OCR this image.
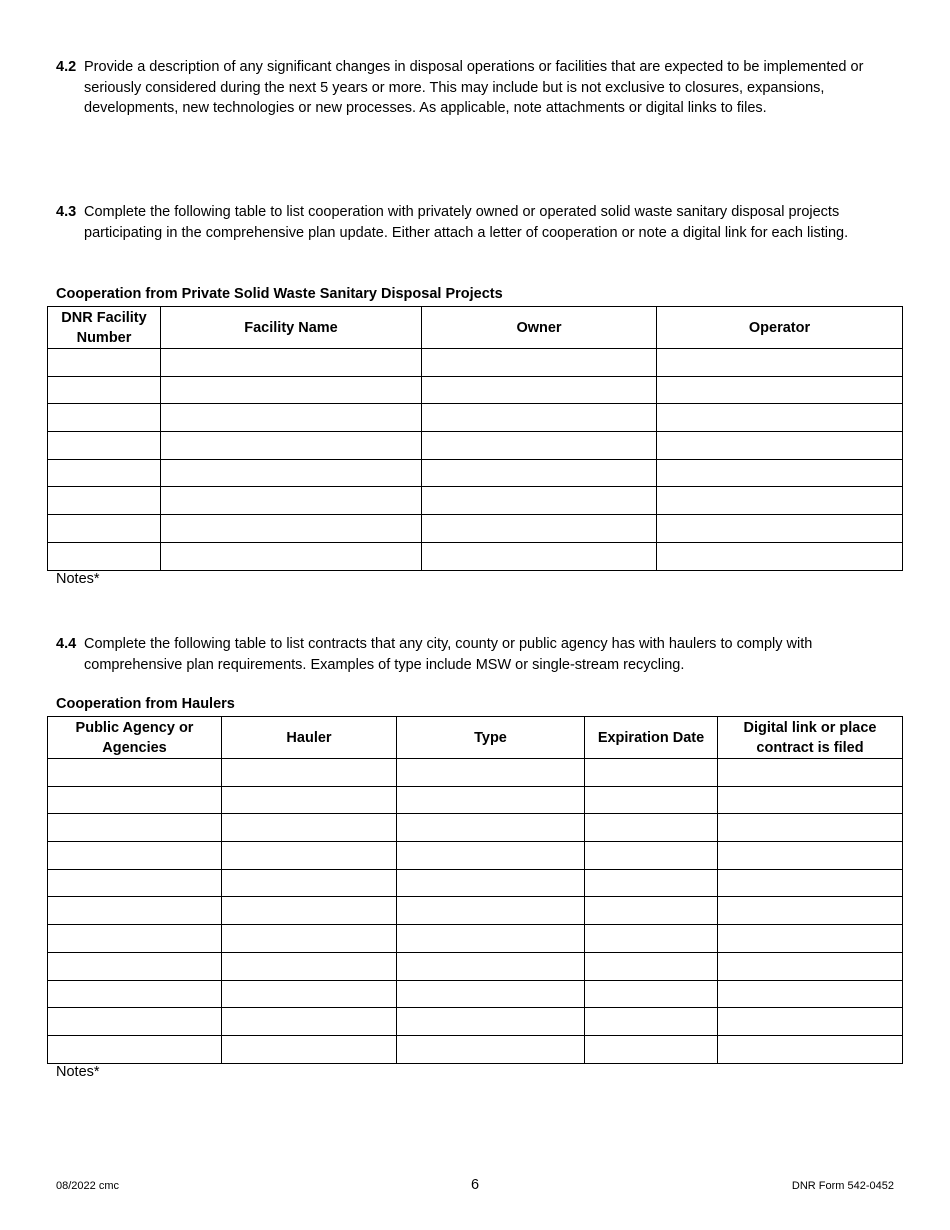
4.2 Provide a description of any significant changes in disposal operations or facilities that are expected to be implemented or seriously considered during the next 5 years or more. This may include but is not exclusive to closures, expansions, developments, new technologies or new processes. As applicable, note attachments or digital links to files.
4.3 Complete the following table to list cooperation with privately owned or operated solid waste sanitary disposal projects participating in the comprehensive plan update. Either attach a letter of cooperation or note a digital link for each listing.
Cooperation from Private Solid Waste Sanitary Disposal Projects
DNR Facility Number	Facility Name	Owner	Operator

Notes*
4.4 Complete the following table to list contracts that any city, county or public agency has with haulers to comply with comprehensive plan requirements. Examples of type include MSW or single-stream recycling.
Cooperation from Haulers
Public Agency or Agencies	Hauler	Type	Expiration Date	Digital link or place contract is filed

Notes*
08/2022 cmc	6	DNR Form 542-0452
